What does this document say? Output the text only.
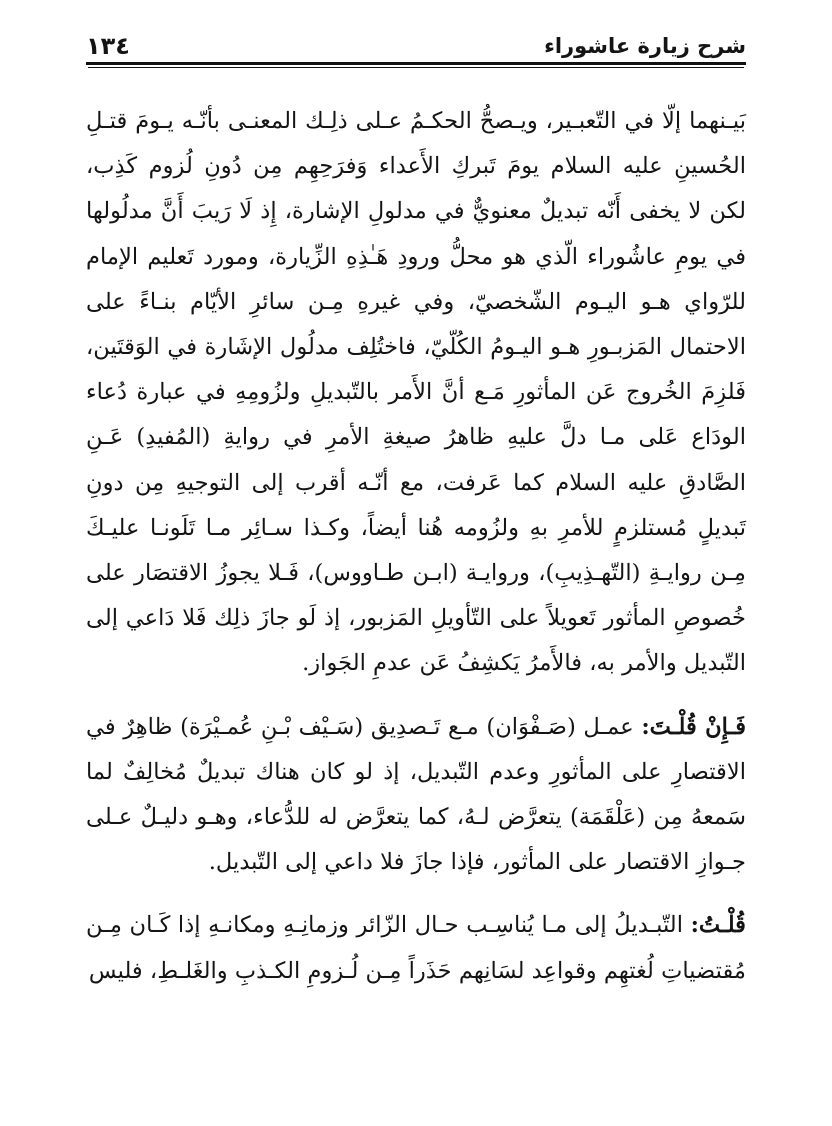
١٣٤	شرح زيارة عاشوراء

بَيـنهما إلّا في التّعبـير، ويـصحُّ الحكـمُ عـلى ذلِـك المعنـى بأنّـه يـومَ قتـلِ الحُسينِ عليه السلام يومَ تَبركِ الأَعداء وَفرَحِهِم مِن دُونِ لُزوم كَذِب، لكن لا يخفى أَنّه تبديلٌ معنويٌّ في مدلولِ الإشارة، إِذ لَا رَيبَ أَنَّ مدلُولها في يومِ عاشُوراء الّذي هو محلُّ ورودِ هَـٰذِهِ الزِّيارة، ومورد تَعليم الإمام للرّواي هـو اليـوم الشّخصيّ، وفي غيرهِ مِـن سائرِ الأيّام بنـاءً على الاحتمال المَزبـورِ هـو اليـومُ الكُلّيّ، فاختُلِف مدلُول الإشَارة في الوَقتَين، فَلزِمَ الخُروج عَن المأثورِ مَـع أنَّ الأَمر بالتّبديلِ ولزُومِهِ في عبارة دُعاء الودَاع عَلى مـا دلَّ عليهِ ظاهرُ صيغةِ الأمرِ في روايةِ (المُفيدِ) عَـنِ الصَّادقِ عليه السلام كما عَرفت، مع أنّـه أقرب إلى التوجيهِ مِن دونِ تَبديلٍ مُستلزمٍ للأمرِ بهِ ولزُومه هُنا أيضاً، وكـذا سـائِر مـا تَلَونـا عليـكَ مِـن روايـةِ (التّهـذِيبِ)، وروايـة (ابـن طـاووس)، فَـلا يجوزُ الاقتصَار على خُصوصِ المأثور تَعويلاً على التّأويلِ المَزبور، إذ لَو جازَ ذلِك فَلا دَاعي إلى التّبديل والأمر به، فالأَمرُ يَكشِفُ عَن عدمِ الجَواز.

فَـإِنْ قُلْـتَ: عمـل (صَـفْوَان) مـع تَـصدِيق (سَـيْف بْـنِ عُمـيْرَة) ظاهِرٌ في الاقتصارِ على المأثورِ وعدم التّبديل، إذ لو كان هناك تبديلٌ مُخالِفٌ لما سَمعهُ مِن (عَلْقَمَة) يتعرَّض لـهُ، كما يتعرَّض له للدُّعاء، وهـو دليـلٌ عـلى جـوازِ الاقتصار على المأثور، فإذا جازَ فلا داعي إلى التّبديل.

قُلْـتُ: التّبـديلُ إلى مـا يُناسِـب حـال الزّائر وزمانِـهِ ومكانـهِ إذا كَـان مِـن مُقتضياتِ لُغتهِم وقواعِد لسَانِهم حَذَراً مِـن لُـزومِ الكـذبِ والغَلـطِ، فليس
